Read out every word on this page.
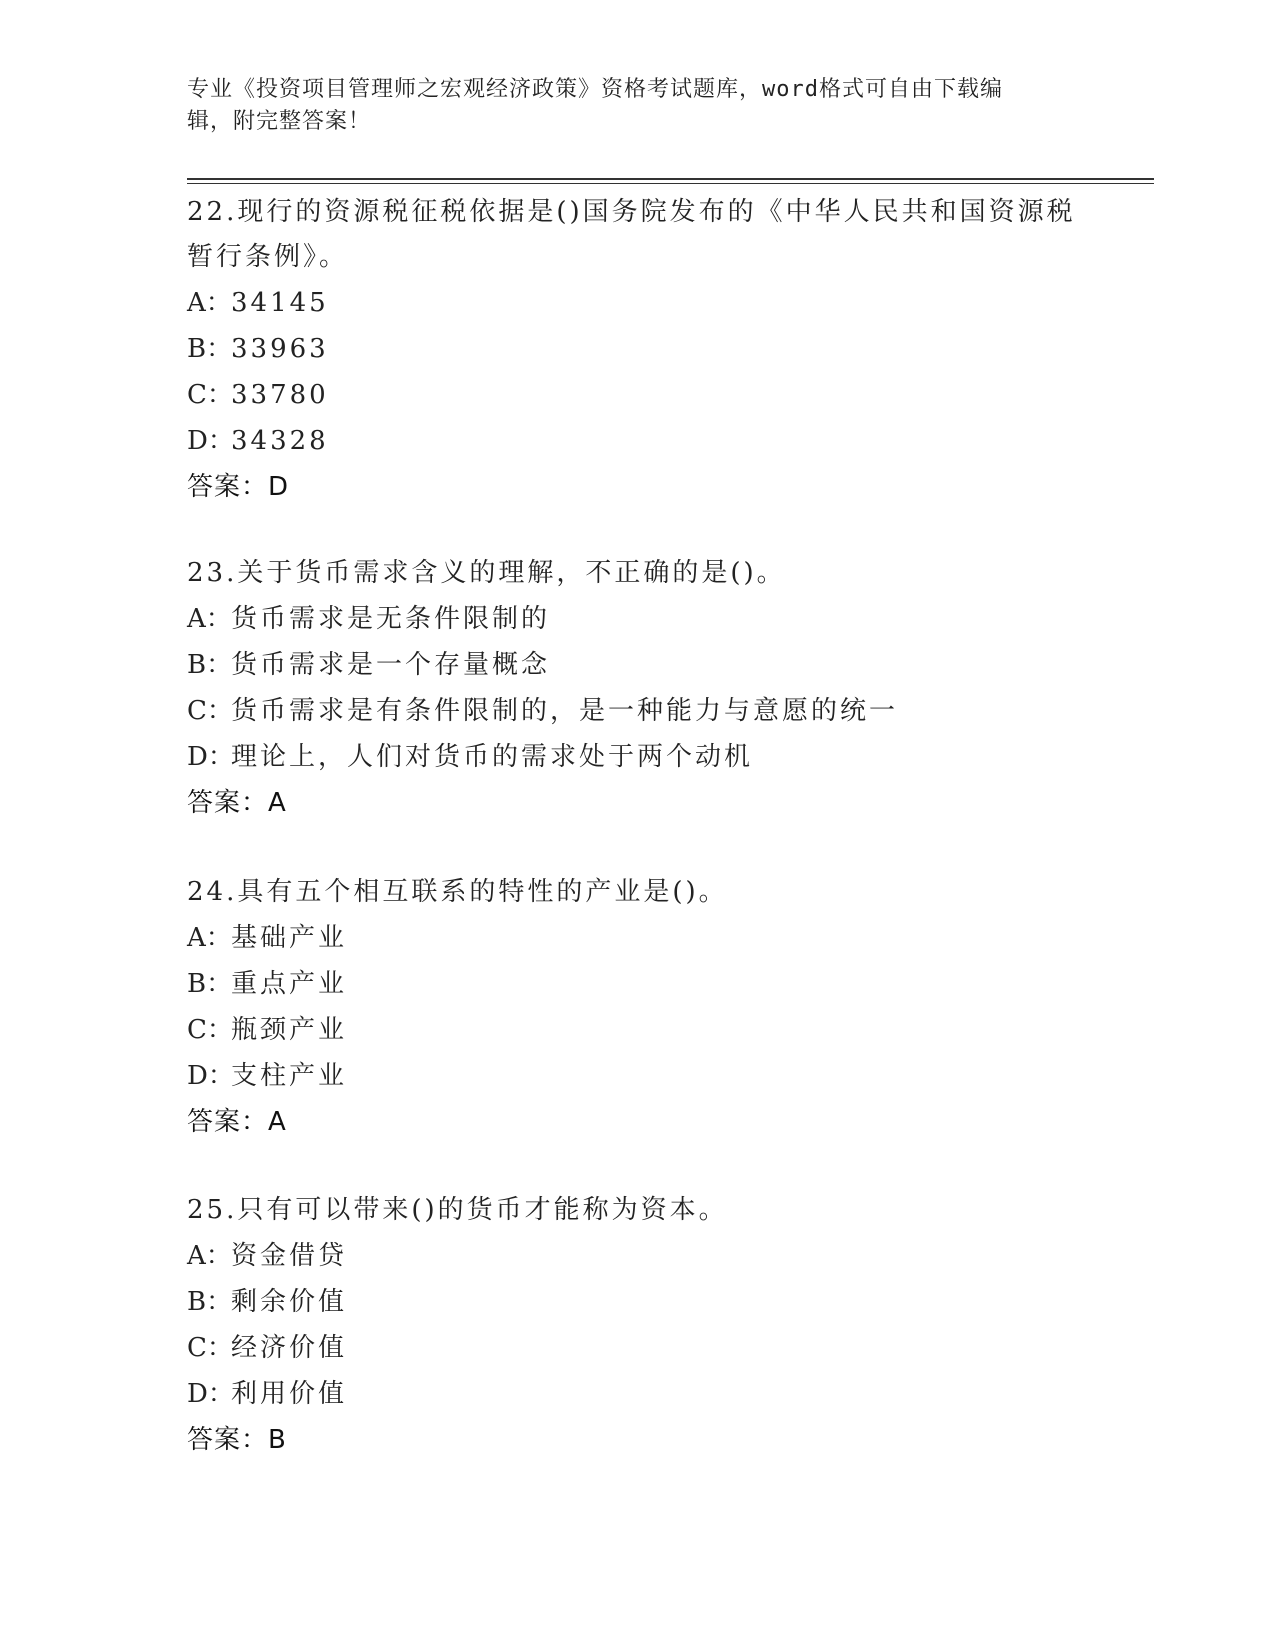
专业《投资项目管理师之宏观经济政策》资格考试题库，word格式可自由下载编
辑，附完整答案！

22.现行的资源税征税依据是()国务院发布的《中华人民共和国资源税
暂行条例》。

A：34145

B：33963

C：33780

D：34328

答案：D

23.关于货币需求含义的理解，不正确的是()。

A：货币需求是无条件限制的

B：货币需求是一个存量概念

C：货币需求是有条件限制的，是一种能力与意愿的统一

D：理论上，人们对货币的需求处于两个动机

答案：A

24.具有五个相互联系的特性的产业是()。

A：基础产业

B：重点产业

C：瓶颈产业

D：支柱产业

答案：A

25.只有可以带来()的货币才能称为资本。

A：资金借贷

B：剩余价值

C：经济价值

D：利用价值

答案：B
